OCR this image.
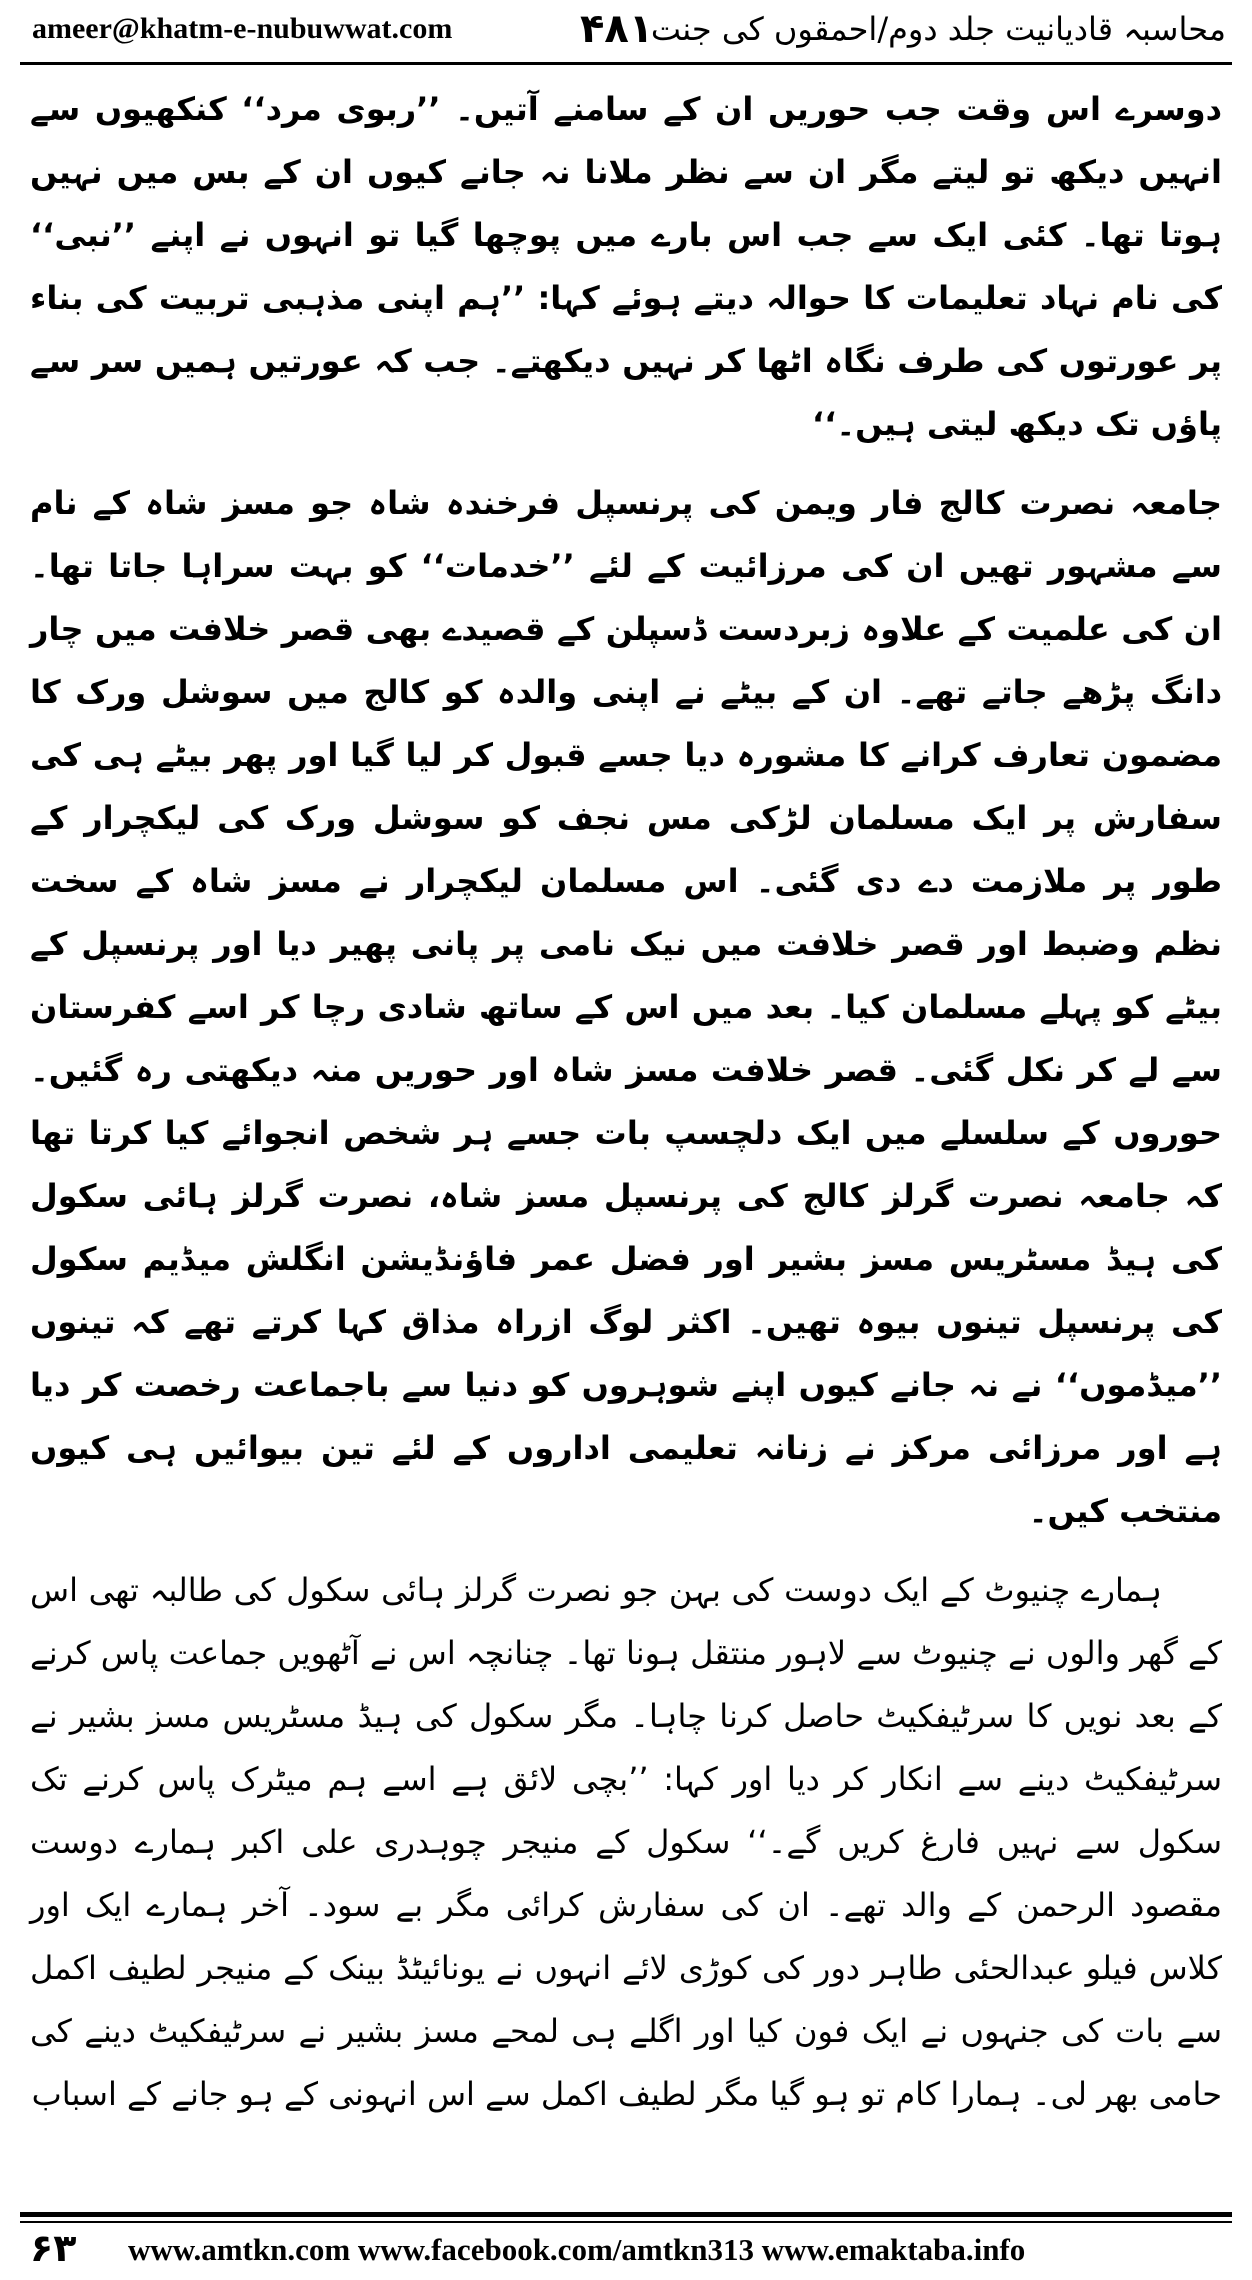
ameer@khatm-e-nubuwwat.com	۴۸۱
محاسبہ قادیانیت جلد دوم/احمقوں کی جنت

دوسرے اس وقت جب حوریں ان کے سامنے آتیں۔ ’’ربوی مرد‘‘ کنکھیوں سے انہیں دیکھ تو لیتے مگر ان سے نظر ملانا نہ جانے کیوں ان کے بس میں نہیں ہوتا تھا۔ کئی ایک سے جب اس بارے میں پوچھا گیا تو انہوں نے اپنے ’’نبی‘‘ کی نام نہاد تعلیمات کا حوالہ دیتے ہوئے کہا: ’’ہم اپنی مذہبی تربیت کی بناء پر عورتوں کی طرف نگاہ اٹھا کر نہیں دیکھتے۔ جب کہ عورتیں ہمیں سر سے پاؤں تک دیکھ لیتی ہیں۔‘‘

جامعہ نصرت کالج فار ویمن کی پرنسپل فرخندہ شاہ جو مسز شاہ کے نام سے مشہور تھیں ان کی مرزائیت کے لئے ’’خدمات‘‘ کو بہت سراہا جاتا تھا۔ ان کی علمیت کے علاوہ زبردست ڈسپلن کے قصیدے بھی قصر خلافت میں چار دانگ پڑھے جاتے تھے۔ ان کے بیٹے نے اپنی والدہ کو کالج میں سوشل ورک کا مضمون تعارف کرانے کا مشورہ دیا جسے قبول کر لیا گیا اور پھر بیٹے ہی کی سفارش پر ایک مسلمان لڑکی مس نجف کو سوشل ورک کی لیکچرار کے طور پر ملازمت دے دی گئی۔ اس مسلمان لیکچرار نے مسز شاہ کے سخت نظم وضبط اور قصر خلافت میں نیک نامی پر پانی پھیر دیا اور پرنسپل کے بیٹے کو پہلے مسلمان کیا۔ بعد میں اس کے ساتھ شادی رچا کر اسے کفرستان سے لے کر نکل گئی۔ قصر خلافت مسز شاہ اور حوریں منہ دیکھتی رہ گئیں۔ حوروں کے سلسلے میں ایک دلچسپ بات جسے ہر شخص انجوائے کیا کرتا تھا کہ جامعہ نصرت گرلز کالج کی پرنسپل مسز شاہ، نصرت گرلز ہائی سکول کی ہیڈ مسٹریس مسز بشیر اور فضل عمر فاؤنڈیشن انگلش میڈیم سکول کی پرنسپل تینوں بیوہ تھیں۔ اکثر لوگ ازراہ مذاق کہا کرتے تھے کہ تینوں ’’میڈموں‘‘ نے نہ جانے کیوں اپنے شوہروں کو دنیا سے باجماعت رخصت کر دیا ہے اور مرزائی مرکز نے زنانہ تعلیمی اداروں کے لئے تین بیوائیں ہی کیوں منتخب کیں۔

ہمارے چنیوٹ کے ایک دوست کی بہن جو نصرت گرلز ہائی سکول کی طالبہ تھی اس کے گھر والوں نے چنیوٹ سے لاہور منتقل ہونا تھا۔ چنانچہ اس نے آٹھویں جماعت پاس کرنے کے بعد نویں کا سرٹیفکیٹ حاصل کرنا چاہا۔ مگر سکول کی ہیڈ مسٹریس مسز بشیر نے سرٹیفکیٹ دینے سے انکار کر دیا اور کہا: ’’بچی لائق ہے اسے ہم میٹرک پاس کرنے تک سکول سے نہیں فارغ کریں گے۔‘‘ سکول کے منیجر چوہدری علی اکبر ہمارے دوست مقصود الرحمن کے والد تھے۔ ان کی سفارش کرائی مگر بے سود۔ آخر ہمارے ایک اور کلاس فیلو عبدالحئی طاہر دور کی کوڑی لائے انہوں نے یونائیٹڈ بینک کے منیجر لطیف اکمل سے بات کی جنہوں نے ایک فون کیا اور اگلے ہی لمحے مسز بشیر نے سرٹیفکیٹ دینے کی حامی بھر لی۔ ہمارا کام تو ہو گیا مگر لطیف اکمل سے اس انہونی کے ہو جانے کے اسباب

۶۳ www.amtkn.com www.facebook.com/amtkn313 www.emaktaba.info
